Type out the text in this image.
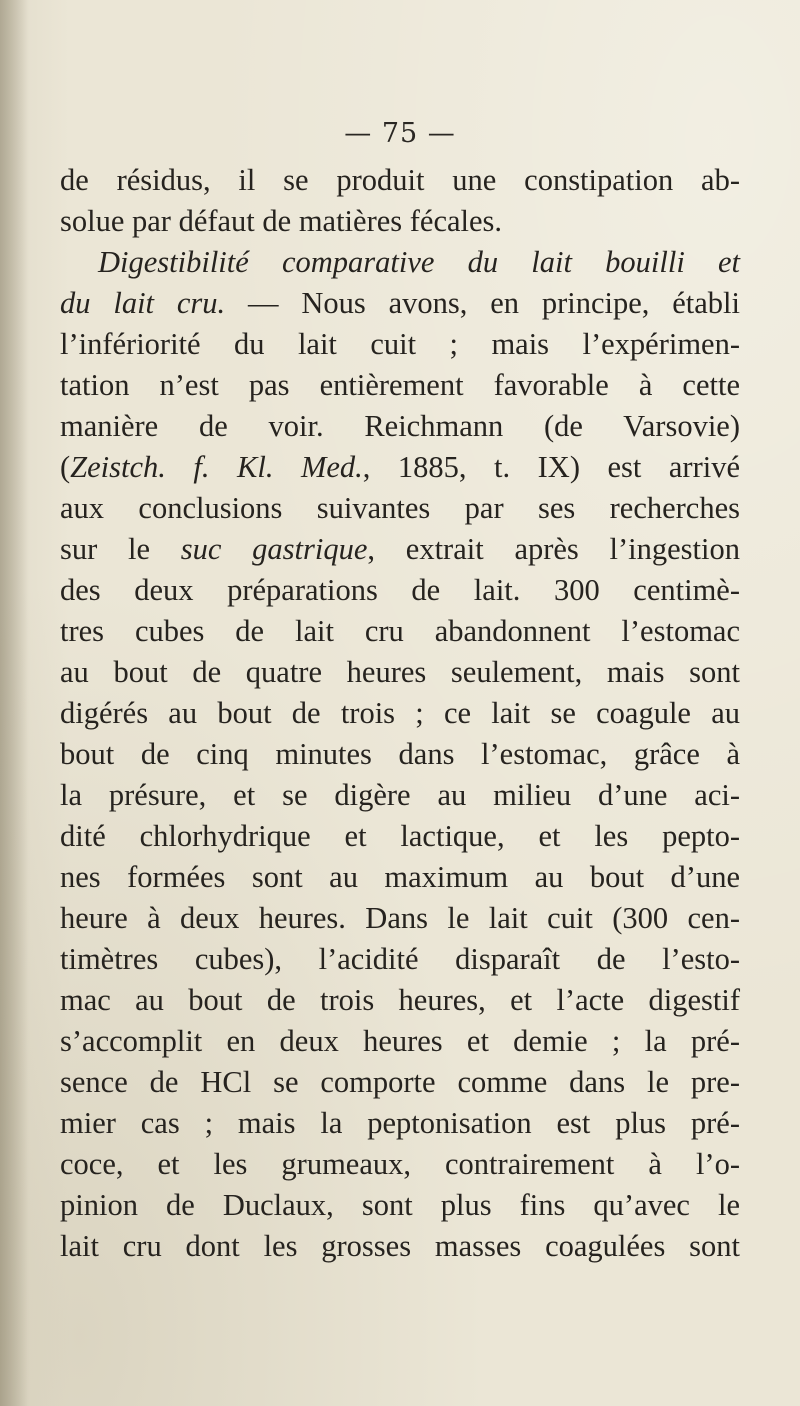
— 75 —
de résidus, il se produit une constipation ab-
solue par défaut de matières fécales.
Digestibilité comparative du lait bouilli et
du lait cru. — Nous avons, en principe, établi
l’infériorité du lait cuit ; mais l’expérimen-
tation n’est pas entièrement favorable à cette
manière de voir. Reichmann (de Varsovie)
(Zeistch. f. Kl. Med., 1885, t. IX) est arrivé
aux conclusions suivantes par ses recherches
sur le suc gastrique, extrait après l’ingestion
des deux préparations de lait. 300 centimè-
tres cubes de lait cru abandonnent l’estomac
au bout de quatre heures seulement, mais sont
digérés au bout de trois ; ce lait se coagule au
bout de cinq minutes dans l’estomac, grâce à
la présure, et se digère au milieu d’une aci-
dité chlorhydrique et lactique, et les pepto-
nes formées sont au maximum au bout d’une
heure à deux heures. Dans le lait cuit (300 cen-
timètres cubes), l’acidité disparaît de l’esto-
mac au bout de trois heures, et l’acte digestif
s’accomplit en deux heures et demie ; la pré-
sence de HCl se comporte comme dans le pre-
mier cas ; mais la peptonisation est plus pré-
coce, et les grumeaux, contrairement à l’o-
pinion de Duclaux, sont plus fins qu’avec le
lait cru dont les grosses masses coagulées sont
